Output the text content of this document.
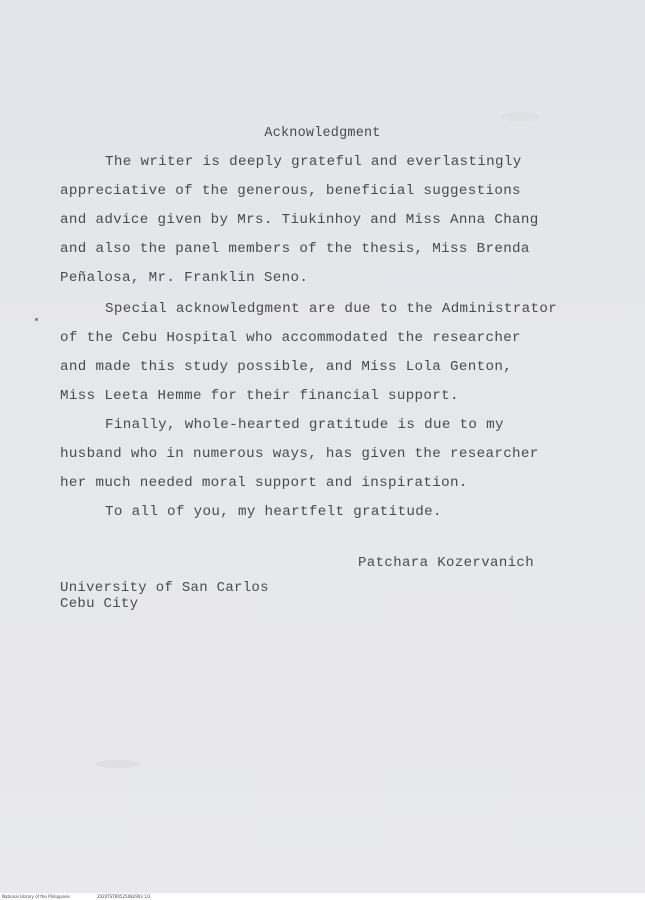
Acknowledgment
The writer is deeply grateful and everlastingly
appreciative of the generous, beneficial suggestions
and advice given by Mrs. Tiukinhoy and Miss Anna Chang
and also the panel members of the thesis, Miss Brenda
Peñalosa, Mr. Franklin Seno.
Special acknowledgment are due to the Administrator
of the Cebu Hospital who accommodated the researcher
and made this study possible, and Miss Lola Genton,
Miss Leeta Hemme for their financial support.
Finally, whole-hearted gratitude is due to my
husband who in numerous ways, has given the researcher
her much needed moral support and inspiration.
To all of you, my heartfelt gratitude.
Patchara Kozervanich
University of San Carlos
Cebu City
National Library of the Philippines	2020TSTR0525082903 1/2
